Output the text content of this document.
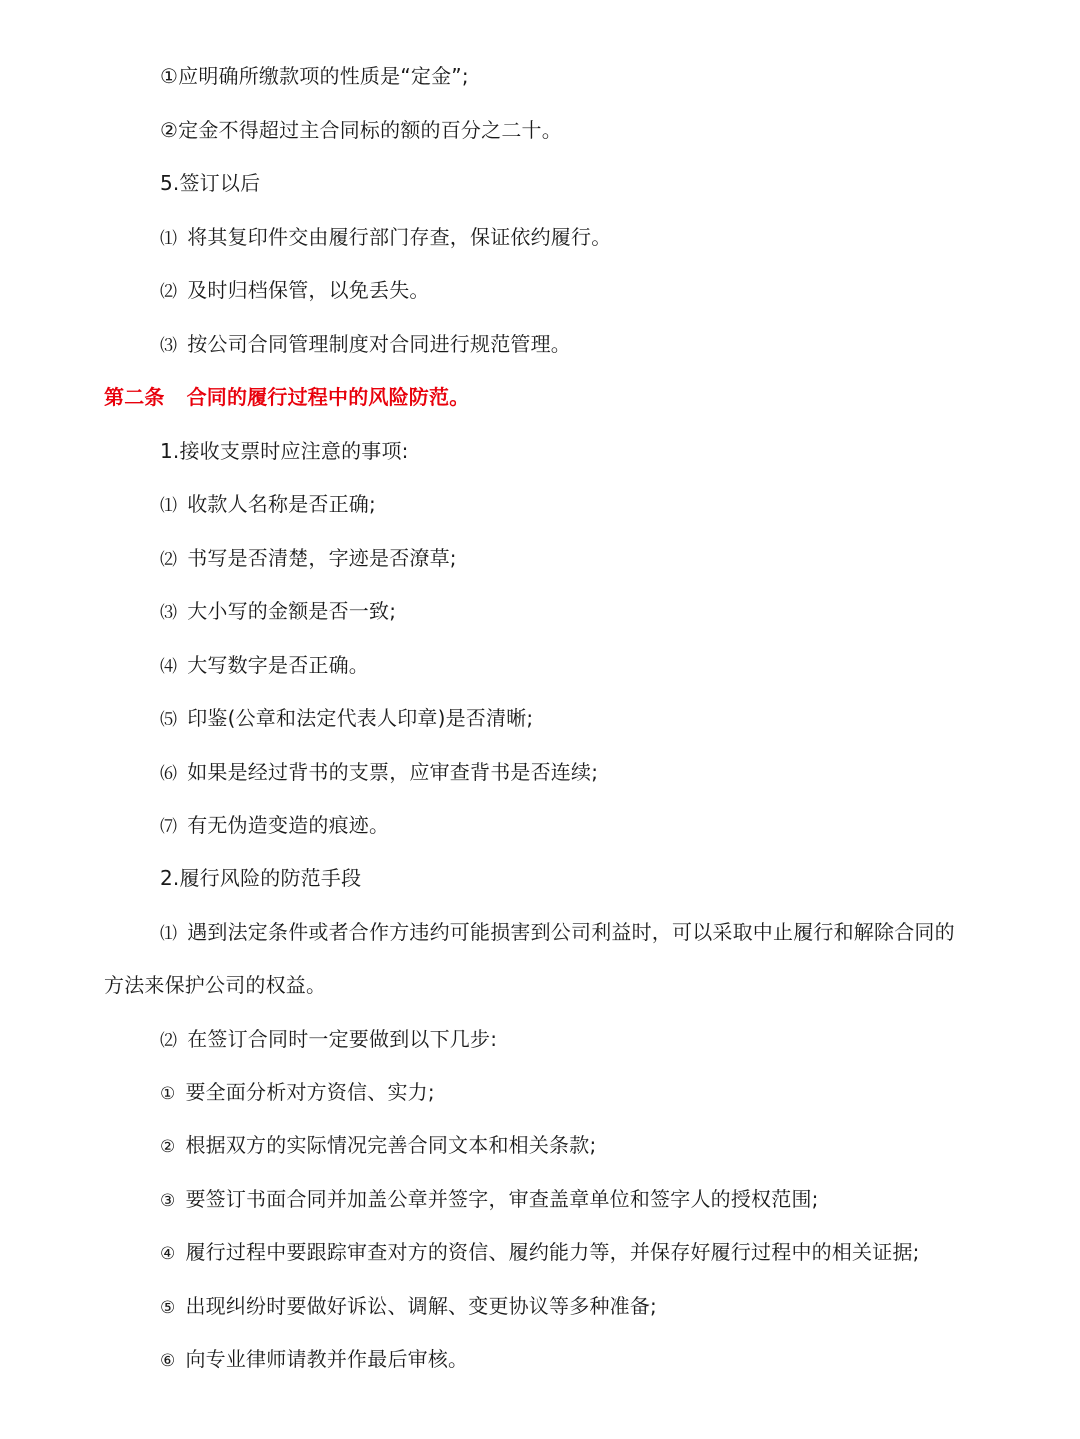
①应明确所缴款项的性质是“定金”;
②定金不得超过主合同标的额的百分之二十。
5.签订以后
⑴ 将其复印件交由履行部门存查，保证依约履行。
⑵ 及时归档保管，以免丢失。
⑶ 按公司合同管理制度对合同进行规范管理。
第二条 合同的履行过程中的风险防范。
1.接收支票时应注意的事项:
⑴ 收款人名称是否正确;
⑵ 书写是否清楚，字迹是否潦草;
⑶ 大小写的金额是否一致;
⑷ 大写数字是否正确。
⑸ 印鉴(公章和法定代表人印章)是否清晰;
⑹ 如果是经过背书的支票，应审查背书是否连续;
⑺ 有无伪造变造的痕迹。
2.履行风险的防范手段
⑴ 遇到法定条件或者合作方违约可能损害到公司利益时，可以采取中止履行和解除合同的
方法来保护公司的权益。
⑵ 在签订合同时一定要做到以下几步:
① 要全面分析对方资信、实力;
② 根据双方的实际情况完善合同文本和相关条款;
③ 要签订书面合同并加盖公章并签字，审查盖章单位和签字人的授权范围;
④ 履行过程中要跟踪审查对方的资信、履约能力等，并保存好履行过程中的相关证据;
⑤ 出现纠纷时要做好诉讼、调解、变更协议等多种准备;
⑥ 向专业律师请教并作最后审核。
